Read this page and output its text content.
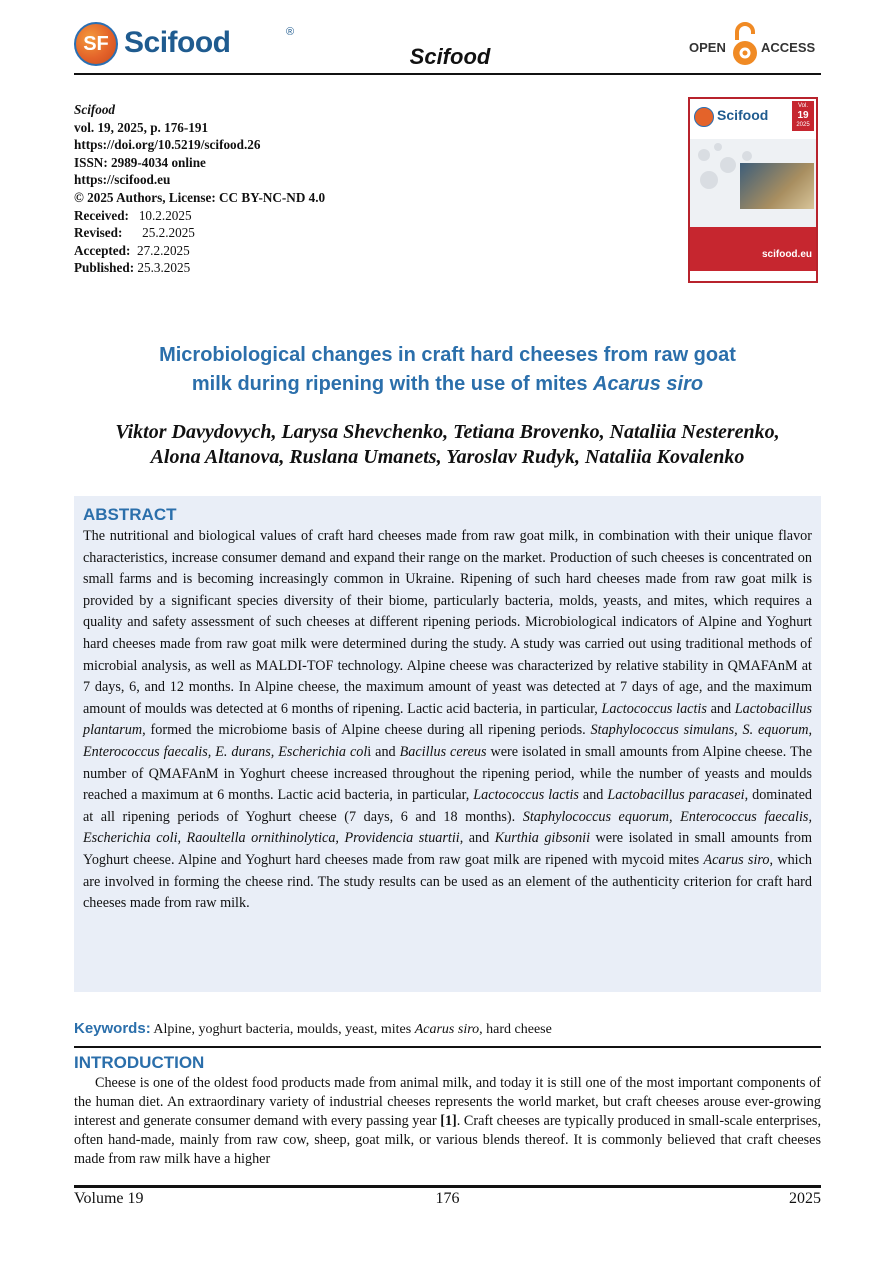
SF Scifood	®
Scifood	OPEN	ACCESS
Scifood
vol. 19, 2025, p. 176-191
https://doi.org/10.5219/scifood.26
ISSN: 2989-4034 online
https://scifood.eu
© 2025 Authors, License: CC BY-NC-ND 4.0
Received: 10.2.2025
Revised: 25.2.2025
Accepted: 27.2.2025
Published: 25.3.2025
Scifood
Vol.
19
2025
scifood.eu
Microbiological changes in craft hard cheeses from raw goat
milk during ripening with the use of mites Acarus siro
Viktor Davydovych, Larysa Shevchenko, Tetiana Brovenko, Nataliia Nesterenko,
Alona Altanova, Ruslana Umanets, Yaroslav Rudyk, Nataliia Kovalenko
ABSTRACT
The nutritional and biological values of craft hard cheeses made from raw goat milk, in combination with their unique flavor characteristics, increase consumer demand and expand their range on the market. Production of such cheeses is concentrated on small farms and is becoming increasingly common in Ukraine. Ripening of such hard cheeses made from raw goat milk is provided by a significant species diversity of their biome, particularly bacteria, molds, yeasts, and mites, which requires a quality and safety assessment of such cheeses at different ripening periods. Microbiological indicators of Alpine and Yoghurt hard cheeses made from raw goat milk were determined during the study. A study was carried out using traditional methods of microbial analysis, as well as MALDI-TOF technology. Alpine cheese was characterized by relative stability in QMAFAnM at 7 days, 6, and 12 months. In Alpine cheese, the maximum amount of yeast was detected at 7 days of age, and the maximum amount of moulds was detected at 6 months of ripening. Lactic acid bacteria, in particular, Lactococcus lactis and Lactobacillus plantarum, formed the microbiome basis of Alpine cheese during all ripening periods. Staphylococcus simulans, S. equorum, Enterococcus faecalis, E. durans, Escherichia coli and Bacillus cereus were isolated in small amounts from Alpine cheese. The number of QMAFAnM in Yoghurt cheese increased throughout the ripening period, while the number of yeasts and moulds reached a maximum at 6 months. Lactic acid bacteria, in particular, Lactococcus lactis and Lactobacillus paracasei, dominated at all ripening periods of Yoghurt cheese (7 days, 6 and 18 months). Staphylococcus equorum, Enterococcus faecalis, Escherichia coli, Raoultella ornithinolytica, Providencia stuartii, and Kurthia gibsonii were isolated in small amounts from Yoghurt cheese. Alpine and Yoghurt hard cheeses made from raw goat milk are ripened with mycoid mites Acarus siro, which are involved in forming the cheese rind. The study results can be used as an element of the authenticity criterion for craft hard cheeses made from raw milk.
Keywords: Alpine, yoghurt bacteria, moulds, yeast, mites Acarus siro, hard cheese
INTRODUCTION
Cheese is one of the oldest food products made from animal milk, and today it is still one of the most important components of the human diet. An extraordinary variety of industrial cheeses represents the world market, but craft cheeses arouse ever-growing interest and generate consumer demand with every passing year [1]. Craft cheeses are typically produced in small-scale enterprises, often hand-made, mainly from raw cow, sheep, goat milk, or various blends thereof. It is commonly believed that craft cheeses made from raw milk have a higher
Volume 19	176	2025
